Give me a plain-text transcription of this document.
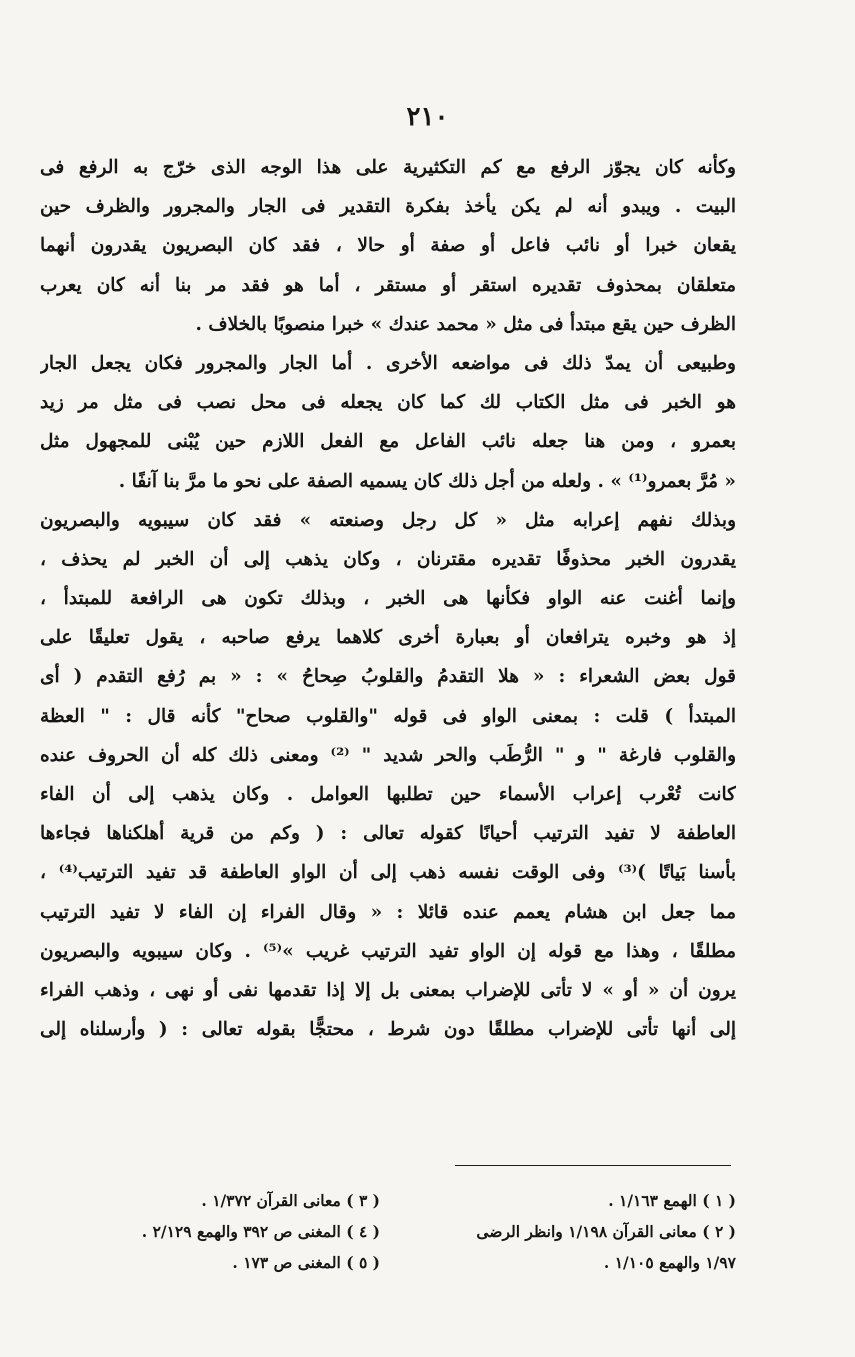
٢١٠
وكأنه كان يجوّز الرفع مع كم التكثيرية على هذا الوجه الذى خرّج به الرفع فى
البيت . ويبدو أنه لم يكن يأخذ بفكرة التقدير فى الجار والمجرور والظرف حين
يقعان خبرا أو نائب فاعل أو صفة أو حالا ، فقد كان البصريون يقدرون أنهما
متعلقان بمحذوف تقديره استقر أو مستقر ، أما هو فقد مر بنا أنه كان يعرب
الظرف حين يقع مبتدأ فى مثل « محمد عندك » خبرا منصوبًا بالخلاف .
وطبيعى أن يمدّ ذلك فى مواضعه الأخرى . أما الجار والمجرور فكان يجعل الجار
هو الخبر فى مثل الكتاب لك كما كان يجعله فى محل نصب فى مثل مر زيد
بعمرو ، ومن هنا جعله نائب الفاعل مع الفعل اللازم حين يُبْنى للمجهول مثل
« مُرَّ بعمرو⁽¹⁾ » . ولعله من أجل ذلك كان يسميه الصفة على نحو ما مرَّ بنا آنفًا .
وبذلك نفهم إعرابه مثل « كل رجل وصنعته » فقد كان سيبويه والبصريون
يقدرون الخبر محذوفًا تقديره مقترنان ، وكان يذهب إلى أن الخبر لم يحذف ،
وإنما أغنت عنه الواو فكأنها هى الخبر ، وبذلك تكون هى الرافعة للمبتدأ ،
إذ هو وخبره يترافعان أو بعبارة أخرى كلاهما يرفع صاحبه ، يقول تعليقًا على
قول بعض الشعراء : « هلا التقدمُ والقلوبُ صِحاحُ » : « بم رُفع التقدم ( أى
المبتدأ ) قلت : بمعنى الواو فى قوله "والقلوب صحاح" كأنه قال : " العظة
والقلوب فارغة " و " الرُّطَب والحر شديد " ⁽²⁾ ومعنى ذلك كله أن الحروف عنده
كانت تُعْرب إعراب الأسماء حين تطلبها العوامل . وكان يذهب إلى أن الفاء
العاطفة لا تفيد الترتيب أحيانًا كقوله تعالى : ( وكم من قرية أهلكناها فجاءها
بأسنا بَياتًا )⁽³⁾ وفى الوقت نفسه ذهب إلى أن الواو العاطفة قد تفيد الترتيب⁽⁴⁾ ،
مما جعل ابن هشام يعمم عنده قائلا : « وقال الفراء إن الفاء لا تفيد الترتيب
مطلقًا ، وهذا مع قوله إن الواو تفيد الترتيب غريب »⁽⁵⁾ . وكان سيبويه والبصريون
يرون أن « أو » لا تأتى للإضراب بمعنى بل إلا إذا تقدمها نفى أو نهى ، وذهب الفراء
إلى أنها تأتى للإضراب مطلقًا دون شرط ، محتجًّا بقوله تعالى : ( وأرسلناه إلى
( ١ ) الهمع ١/١٦٣ .
( ٢ ) معانى القرآن ١/١٩٨ وانظر الرضى
١/٩٧ والهمع ١/١٠٥ .
( ٣ ) معانى القرآن ١/٣٧٢ .
( ٤ ) المغنى ص ٣٩٢ والهمع ٢/١٢٩ .
( ٥ ) المغنى ص ١٧٣ .
